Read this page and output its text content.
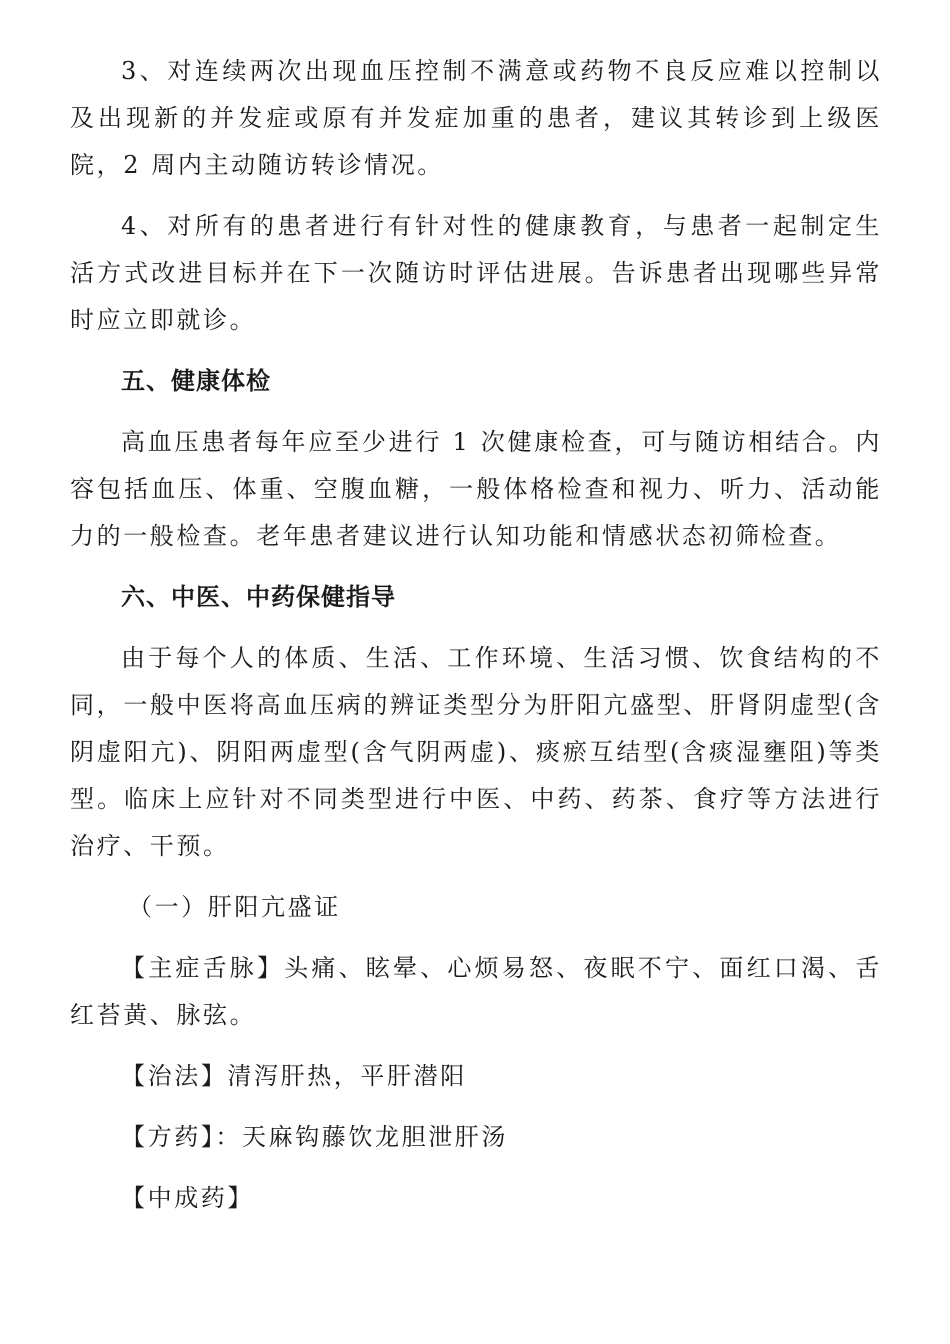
3、对连续两次出现血压控制不满意或药物不良反应难以控制以及出现新的并发症或原有并发症加重的患者，建议其转诊到上级医院，2 周内主动随访转诊情况。

4、对所有的患者进行有针对性的健康教育，与患者一起制定生活方式改进目标并在下一次随访时评估进展。告诉患者出现哪些异常时应立即就诊。

五、健康体检

高血压患者每年应至少进行 1 次健康检查，可与随访相结合。内容包括血压、体重、空腹血糖，一般体格检查和视力、听力、活动能力的一般检查。老年患者建议进行认知功能和情感状态初筛检查。

六、中医、中药保健指导

由于每个人的体质、生活、工作环境、生活习惯、饮食结构的不同，一般中医将高血压病的辨证类型分为肝阳亢盛型、肝肾阴虚型(含阴虚阳亢)、阴阳两虚型(含气阴两虚)、痰瘀互结型(含痰湿壅阻)等类型。临床上应针对不同类型进行中医、中药、药茶、食疗等方法进行治疗、干预。

（一）肝阳亢盛证

【主症舌脉】头痛、眩晕、心烦易怒、夜眠不宁、面红口渴、舌红苔黄、脉弦。

【治法】清泻肝热，平肝潜阳

【方药】：天麻钩藤饮龙胆泄肝汤

【中成药】
